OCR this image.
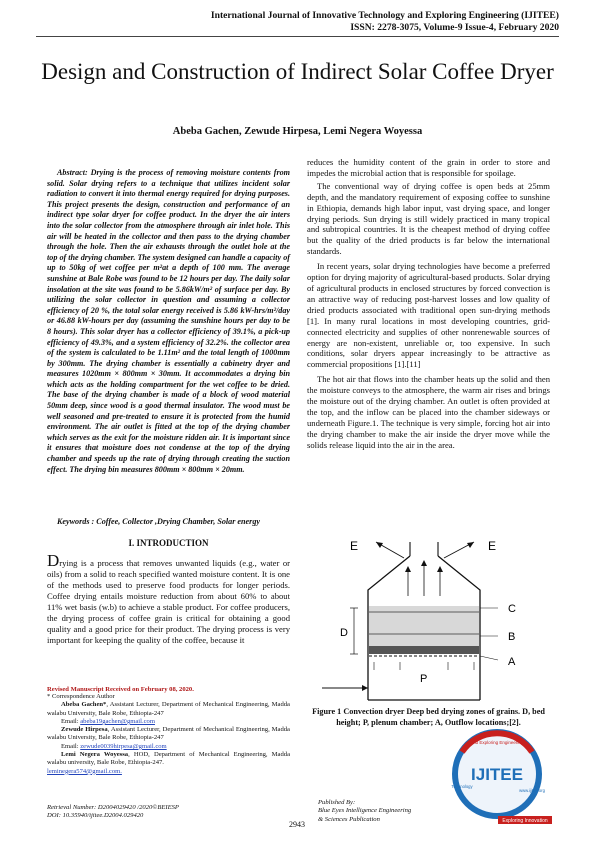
International Journal of Innovative Technology and Exploring Engineering (IJITEE)
ISSN: 2278-3075, Volume-9 Issue-4, February 2020
Design and Construction of Indirect Solar Coffee Dryer
Abeba Gachen, Zewude Hirpesa, Lemi Negera Woyessa
Abstract: Drying is the process of removing moisture contents from solid. Solar drying refers to a technique that utilizes incident solar radiation to convert it into thermal energy required for drying purposes. This project presents the design, construction and performance of an indirect type solar dryer for coffee product. In the dryer the air inters into the solar collector from the atmosphere through air inlet hole. This air will be heated in the collector and then pass to the drying chamber through the hole. Then the air exhausts through the outlet hole at the top of the drying chamber. The system designed can handle a capacity of up to 50kg of wet coffee per m²at a depth of 100 mm. The average sunshine at Bale Robe was found to be 12 hours per day. The daily solar insolation at the site was found to be 5.86kW/m² of surface per day. By utilizing the solar collector in question and assuming a collector efficiency of 20 %, the total solar energy received is 5.86 kW-hrs/m²/day or 46.88 kW-hours per day (assuming the sunshine hours per day to be 8 hours). This solar dryer has a collector efficiency of 39.1%, a pick-up efficiency of 49.3%, and a system efficiency of 32.2%. the collector area of the system is calculated to be 1.11m² and the total length of 1000mm by 300mm. The drying chamber is essentially a cabinetry dryer and measures 1020mm × 800mm × 30mm. It accommodates a drying bin which acts as the holding compartment for the wet coffee to be dried. The base of the drying chamber is made of a block of wood material 50mm deep, since wood is a good thermal insulator. The wood must be well seasoned and pre-treated to ensure it is protected from the humid environment. The air outlet is fitted at the top of the drying chamber which serves as the exit for the moisture ridden air. It is important since it ensures that moisture does not condense at the top of the drying chamber and speeds up the rate of drying through creating the suction effect. The drying bin measures 800mm × 800mm × 20mm.
Keywords : Coffee, Collector ,Drying Chamber, Solar energy
I. INTRODUCTION
Drying is a process that removes unwanted liquids (e.g., water or oils) from a solid to reach specified wanted moisture content. It is one of the methods used to preserve food products for longer periods. Coffee drying entails moisture reduction from about 60% to about 11% wet basis (w.b) to achieve a stable product. For coffee producers, the drying process of coffee grain is critical for obtaining a good quality and a good price for their product. The drying process is very important for keeping the quality of the coffee, because it
Revised Manuscript Received on February 08, 2020.
* Correspondence Author
Abeba Gachen*, Assistant Lecturer, Department of Mechanical Engineering, Madda walabu University, Bale Robe, Ethiopia-247
Email: abeba19gachen@gmail.com
Zewude Hirpesa, Assistant Lecturer, Department of Mechanical Engineering, Madda walabu University, Bale Robe, Ethiopia-247
Email: zewude0039hirpesa@gmail.com
Lemi Negera Woyessa, HOD, Department of Mechanical Engineering, Madda walabu university, Bale Robe, Ethiopia-247.
leminegera574@gmail.com.

reduces the humidity content of the grain in order to store and impedes the microbial action that is responsible for spoilage.

The conventional way of drying coffee is open beds at 25mm depth, and the mandatory requirement of exposing coffee to sunshine in Ethiopia, demands high labor input, vast drying space, and longer drying periods. Sun drying is still widely practiced in many tropical and subtropical countries. It is the cheapest method of drying coffee but the quality of the dried products is far below the international standards.

In recent years, solar drying technologies have become a preferred option for drying majority of agricultural-based products. Solar drying of agricultural products in enclosed structures by forced convection is an attractive way of reducing post-harvest losses and low quality of dried products associated with traditional open sun-drying methods [1]. In many rural locations in most developing countries, grid-connected electricity and supplies of other nonrenewable sources of energy are non-existent, unreliable or, too expensive. In such conditions, solar dryers appear increasingly to be attractive as commercial propositions [1].[11]

The hot air that flows into the chamber heats up the solid and then the moisture conveys to the atmosphere, the warm air rises and brings the moisture out of the drying chamber. An outlet is often provided at the top, and the inflow can be placed into the chamber sideways or underneath Figure.1. The technique is very simple, forcing hot air into the drying chamber to make the air inside the dryer move while the solids release liquid into the air in the area.

E	E
C
B
A
D
P
Figure 1 Convection dryer Deep bed drying zones of grains. D, bed height; P, plenum chamber; A, Outflow locations;[2].
IJITEE
and Exploring Engineering
Technology
www.ijitee.org
Exploring Innovation
Retrieval Number: D2004029420 /2020©BEIESP
DOI: 10.35940/ijitee.D2004.029420
Published By:
Blue Eyes Intelligence Engineering
& Sciences Publication
2943
